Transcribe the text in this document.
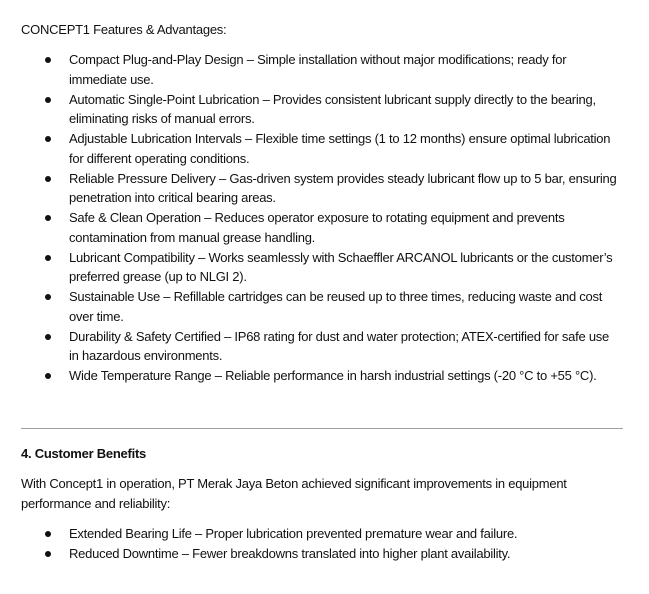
CONCEPT1 Features & Advantages:
Compact Plug-and-Play Design – Simple installation without major modifications; ready for immediate use.
Automatic Single-Point Lubrication – Provides consistent lubricant supply directly to the bearing, eliminating risks of manual errors.
Adjustable Lubrication Intervals – Flexible time settings (1 to 12 months) ensure optimal lubrication for different operating conditions.
Reliable Pressure Delivery – Gas-driven system provides steady lubricant flow up to 5 bar, ensuring penetration into critical bearing areas.
Safe & Clean Operation – Reduces operator exposure to rotating equipment and prevents contamination from manual grease handling.
Lubricant Compatibility – Works seamlessly with Schaeffler ARCANOL lubricants or the customer’s preferred grease (up to NLGI 2).
Sustainable Use – Refillable cartridges can be reused up to three times, reducing waste and cost over time.
Durability & Safety Certified – IP68 rating for dust and water protection; ATEX-certified for safe use in hazardous environments.
Wide Temperature Range – Reliable performance in harsh industrial settings (-20 °C to +55 °C).
4. Customer Benefits
With Concept1 in operation, PT Merak Jaya Beton achieved significant improvements in equipment performance and reliability:
Extended Bearing Life – Proper lubrication prevented premature wear and failure.
Reduced Downtime – Fewer breakdowns translated into higher plant availability.
